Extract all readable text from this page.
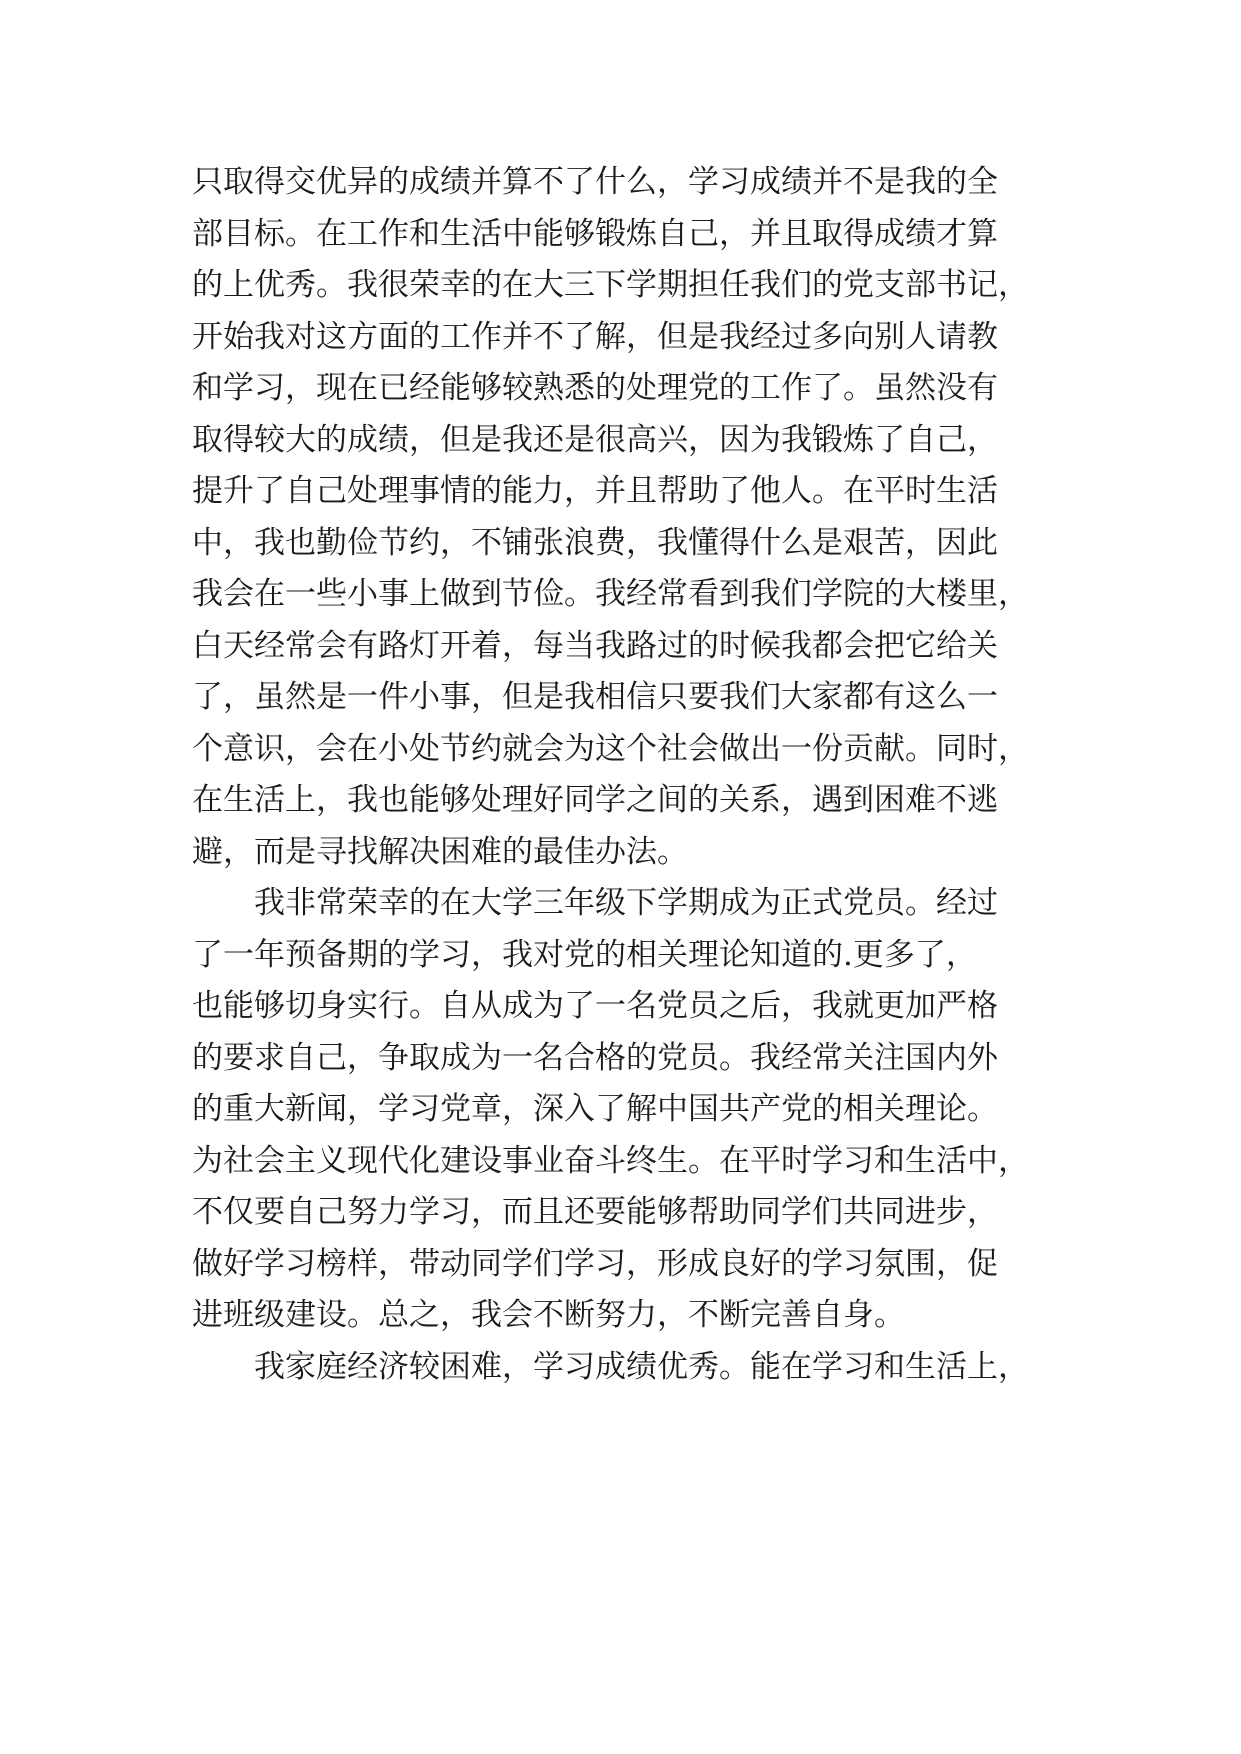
只取得交优异的成绩并算不了什么，学习成绩并不是我的全
部目标。在工作和生活中能够锻炼自己，并且取得成绩才算
的上优秀。我很荣幸的在大三下学期担任我们的党支部书记，
开始我对这方面的工作并不了解，但是我经过多向别人请教
和学习，现在已经能够较熟悉的处理党的工作了。虽然没有
取得较大的成绩，但是我还是很高兴，因为我锻炼了自己，
提升了自己处理事情的能力，并且帮助了他人。在平时生活
中，我也勤俭节约，不铺张浪费，我懂得什么是艰苦，因此
我会在一些小事上做到节俭。我经常看到我们学院的大楼里，
白天经常会有路灯开着，每当我路过的时候我都会把它给关
了，虽然是一件小事，但是我相信只要我们大家都有这么一
个意识，会在小处节约就会为这个社会做出一份贡献。同时，
在生活上，我也能够处理好同学之间的关系，遇到困难不逃
避，而是寻找解决困难的最佳办法。
我非常荣幸的在大学三年级下学期成为正式党员。经过
了一年预备期的学习，我对党的相关理论知道的.更多了，
也能够切身实行。自从成为了一名党员之后，我就更加严格
的要求自己，争取成为一名合格的党员。我经常关注国内外
的重大新闻，学习党章，深入了解中国共产党的相关理论。
为社会主义现代化建设事业奋斗终生。在平时学习和生活中，
不仅要自己努力学习，而且还要能够帮助同学们共同进步，
做好学习榜样，带动同学们学习，形成良好的学习氛围，促
进班级建设。总之，我会不断努力，不断完善自身。
我家庭经济较困难，学习成绩优秀。能在学习和生活上，
